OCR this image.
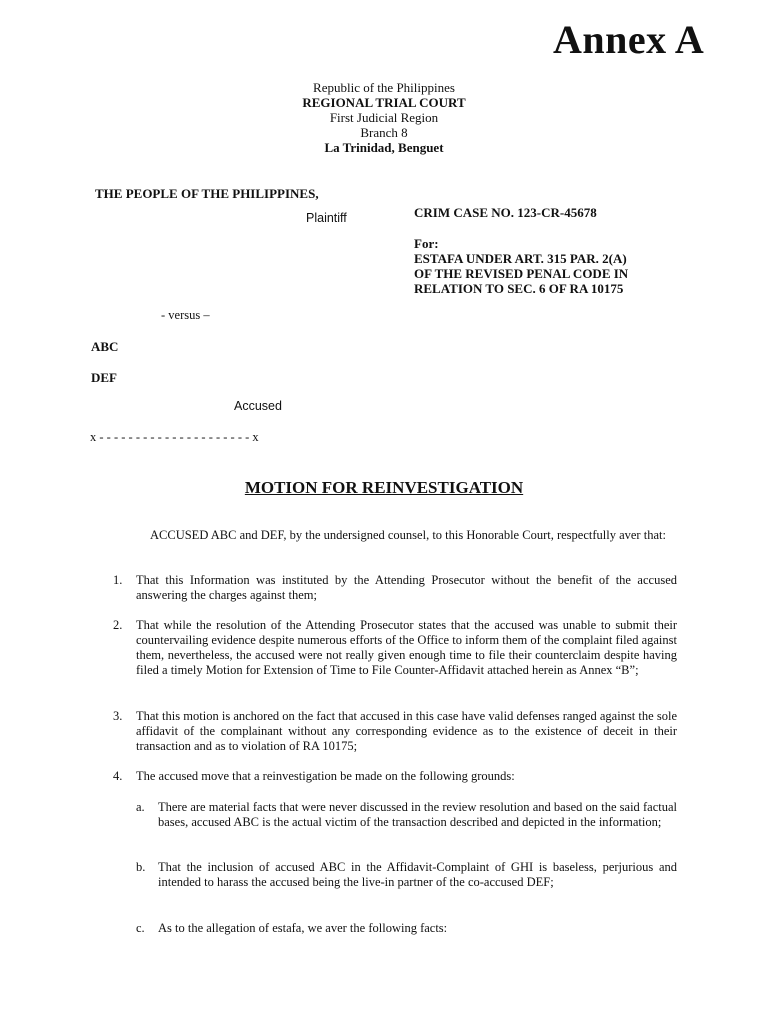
Annex A
Republic of the Philippines
REGIONAL TRIAL COURT
First Judicial Region
Branch 8
La Trinidad, Benguet
THE PEOPLE OF THE PHILIPPINES,
Plaintiff	CRIM CASE NO. 123-CR-45678
For:
ESTAFA UNDER ART. 315 PAR. 2(A)
OF THE REVISED PENAL CODE IN
RELATION TO SEC. 6 OF RA 10175
- versus –
ABC
DEF
Accused
x - - - - - - - - - - - - - - - - - - - - - x
MOTION FOR REINVESTIGATION
ACCUSED ABC and DEF, by the undersigned counsel, to this Honorable Court, respectfully aver that:
1. That this Information was instituted by the Attending Prosecutor without the benefit of the accused answering the charges against them;
2. That while the resolution of the Attending Prosecutor states that the accused was unable to submit their countervailing evidence despite numerous efforts of the Office to inform them of the complaint filed against them, nevertheless, the accused were not really given enough time to file their counterclaim despite having filed a timely Motion for Extension of Time to File Counter-Affidavit attached herein as Annex “B”;
3. That this motion is anchored on the fact that accused in this case have valid defenses ranged against the sole affidavit of the complainant without any corresponding evidence as to the existence of deceit in their transaction and as to violation of RA 10175;
4. The accused move that a reinvestigation be made on the following grounds:
a. There are material facts that were never discussed in the review resolution and based on the said factual bases, accused ABC is the actual victim of the transaction described and depicted in the information;
b. That the inclusion of accused ABC in the Affidavit-Complaint of GHI is baseless, perjurious and intended to harass the accused being the live-in partner of the co-accused DEF;
c. As to the allegation of estafa, we aver the following facts:
